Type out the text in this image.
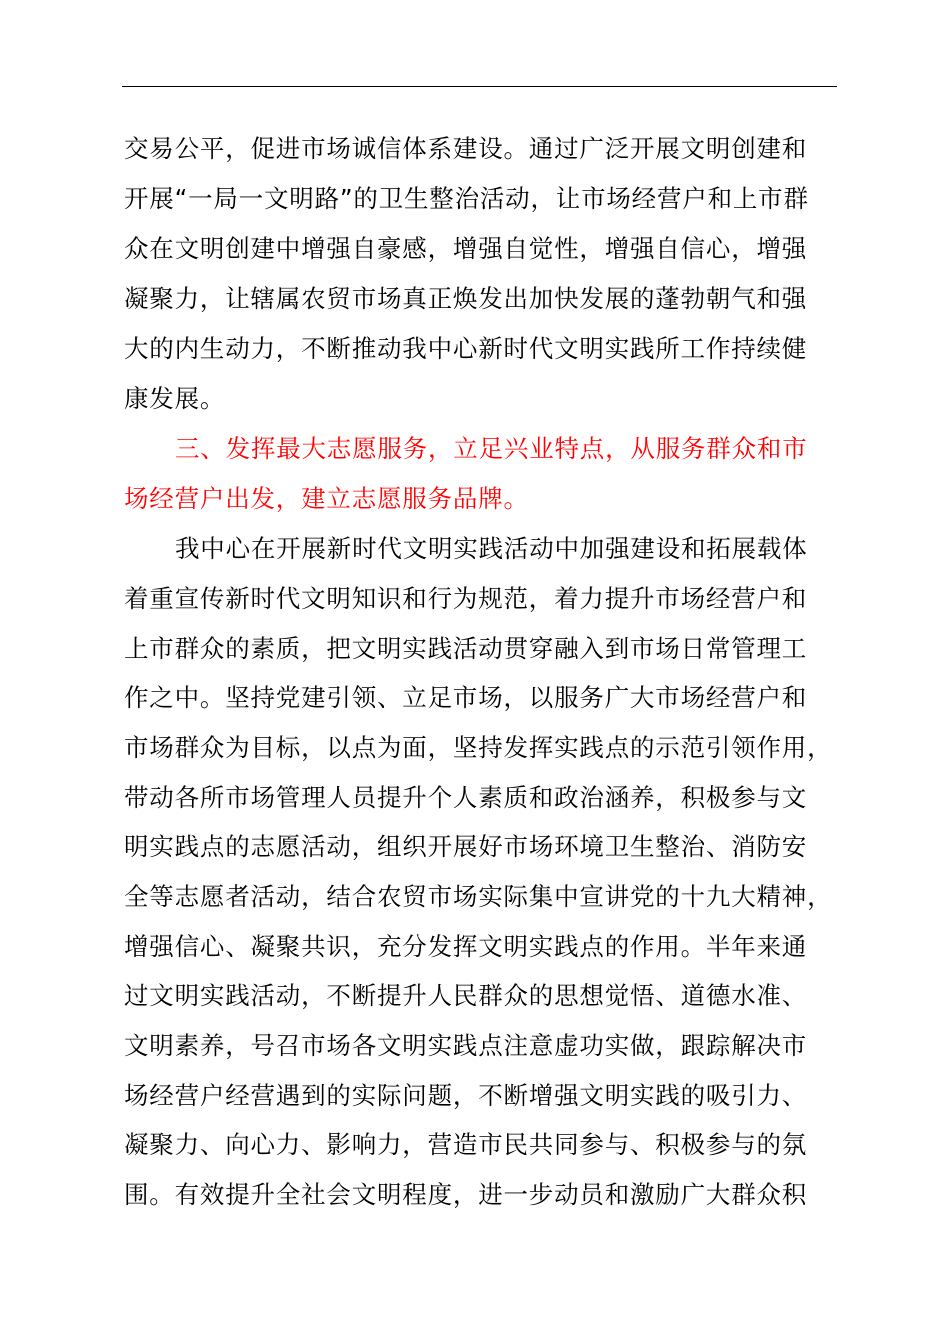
交易公平，促进市场诚信体系建设。通过广泛开展文明创建和
开展“一局一文明路”的卫生整治活动，让市场经营户和上市群
众在文明创建中增强自豪感，增强自觉性，增强自信心，增强
凝聚力，让辖属农贸市场真正焕发出加快发展的蓬勃朝气和强
大的内生动力，不断推动我中心新时代文明实践所工作持续健
康发展。
三、发挥最大志愿服务，立足兴业特点，从服务群众和市
场经营户出发，建立志愿服务品牌。
我中心在开展新时代文明实践活动中加强建设和拓展载体
着重宣传新时代文明知识和行为规范，着力提升市场经营户和
上市群众的素质，把文明实践活动贯穿融入到市场日常管理工
作之中。坚持党建引领、立足市场，以服务广大市场经营户和
市场群众为目标，以点为面，坚持发挥实践点的示范引领作用，
带动各所市场管理人员提升个人素质和政治涵养，积极参与文
明实践点的志愿活动，组织开展好市场环境卫生整治、消防安
全等志愿者活动，结合农贸市场实际集中宣讲党的十九大精神，
增强信心、凝聚共识，充分发挥文明实践点的作用。半年来通
过文明实践活动，不断提升人民群众的思想觉悟、道德水准、
文明素养，号召市场各文明实践点注意虚功实做，跟踪解决市
场经营户经营遇到的实际问题，不断增强文明实践的吸引力、
凝聚力、向心力、影响力，营造市民共同参与、积极参与的氛
围。有效提升全社会文明程度，进一步动员和激励广大群众积
